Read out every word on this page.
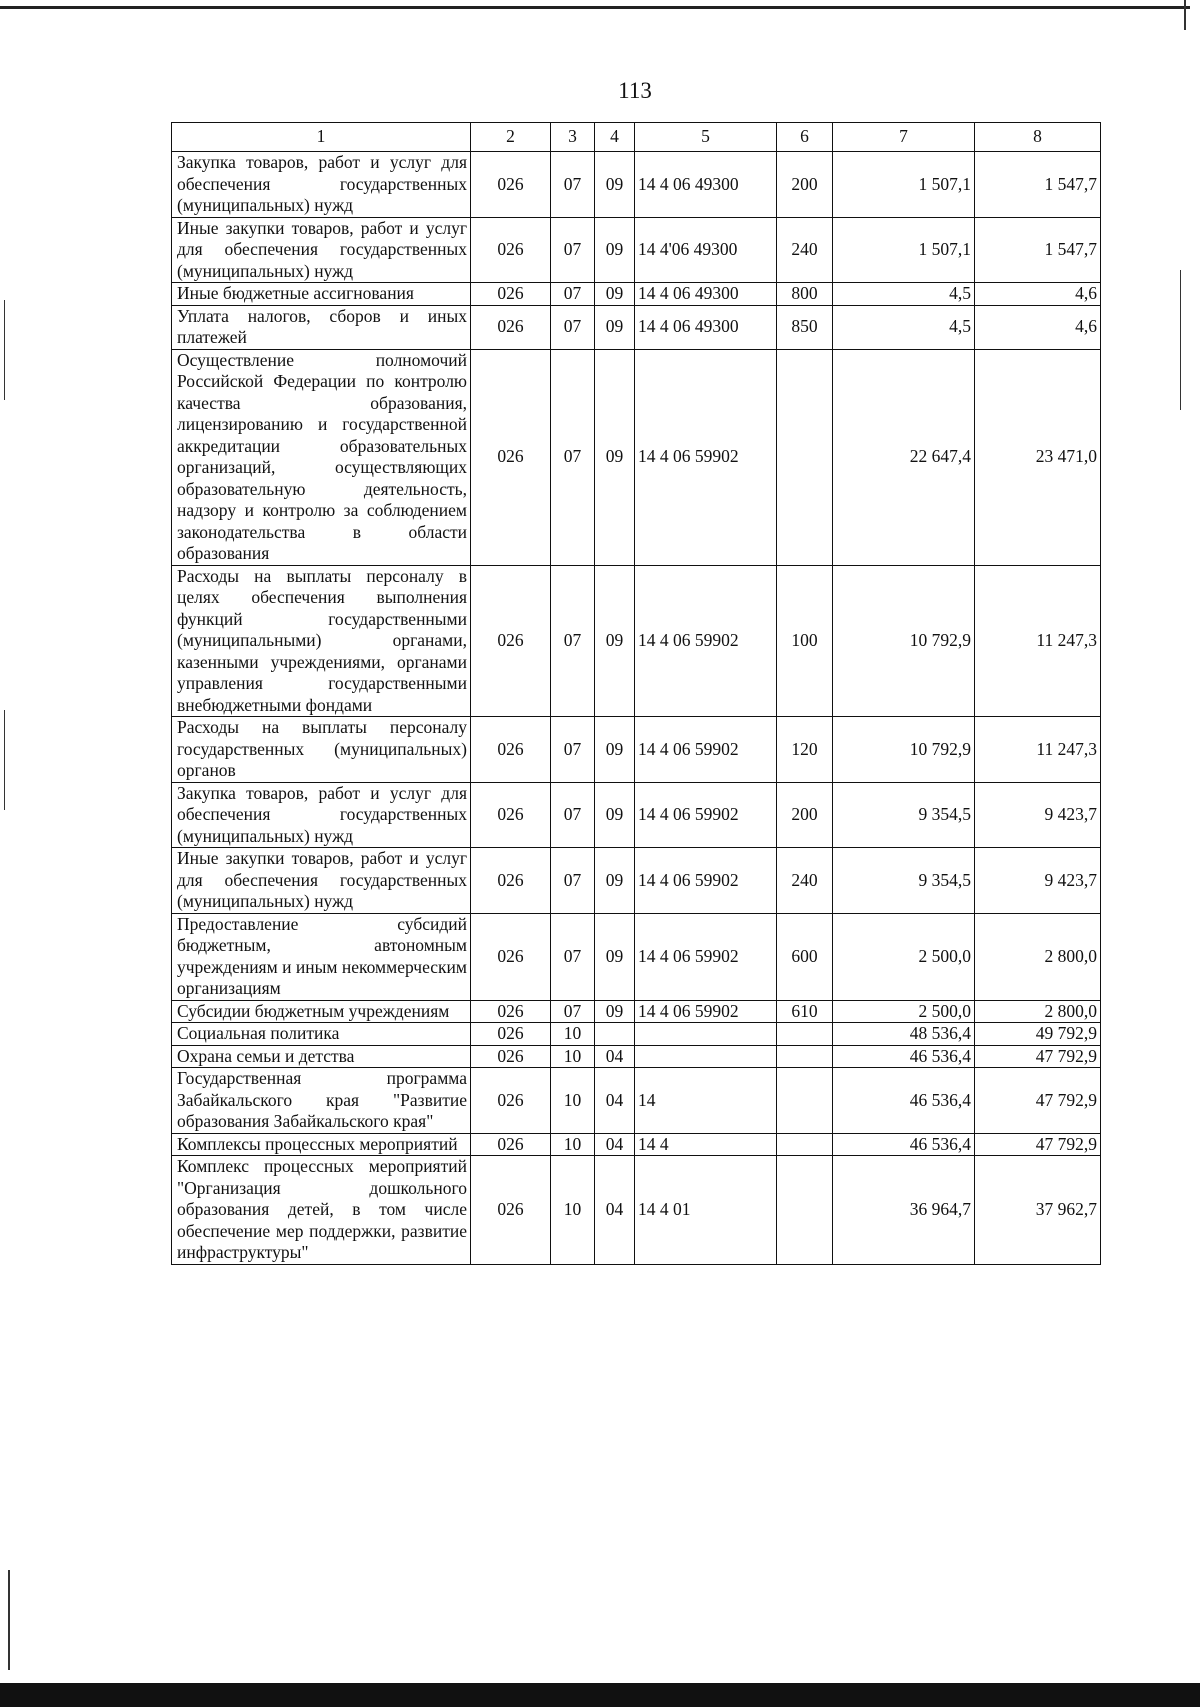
113
1	2	3	4	5	6	7	8
Закупка товаров, работ и услуг для обеспечения государственных (муниципальных) нужд	026	07	09	14 4 06 49300	200	1 507,1	1 547,7
Иные закупки товаров, работ и услуг для обеспечения государственных (муниципальных) нужд	026	07	09	14 4'06 49300	240	1 507,1	1 547,7
Иные бюджетные ассигнования	026	07	09	14 4 06 49300	800	4,5	4,6
Уплата налогов, сборов и иных платежей	026	07	09	14 4 06 49300	850	4,5	4,6
Осуществление полномочий Российской Федерации по контролю качества образования, лицензированию и государственной аккредитации образовательных организаций, осуществляющих образовательную деятельность, надзору и контролю за соблюдением законодательства в области образования	026	07	09	14 4 06 59902		22 647,4	23 471,0
Расходы на выплаты персоналу в целях обеспечения выполнения функций государственными (муниципальными) органами, казенными учреждениями, органами управления государственными внебюджетными фондами	026	07	09	14 4 06 59902	100	10 792,9	11 247,3
Расходы на выплаты персоналу государственных (муниципальных) органов	026	07	09	14 4 06 59902	120	10 792,9	11 247,3
Закупка товаров, работ и услуг для обеспечения государственных (муниципальных) нужд	026	07	09	14 4 06 59902	200	9 354,5	9 423,7
Иные закупки товаров, работ и услуг для обеспечения государственных (муниципальных) нужд	026	07	09	14 4 06 59902	240	9 354,5	9 423,7
Предоставление субсидий бюджетным, автономным учреждениям и иным некоммерческим организациям	026	07	09	14 4 06 59902	600	2 500,0	2 800,0
Субсидии бюджетным учреждениям	026	07	09	14 4 06 59902	610	2 500,0	2 800,0
Социальная политика	026	10				48 536,4	49 792,9
Охрана семьи и детства	026	10	04			46 536,4	47 792,9
Государственная программа Забайкальского края "Развитие образования Забайкальского края"	026	10	04	14		46 536,4	47 792,9
Комплексы процессных мероприятий	026	10	04	14 4		46 536,4	47 792,9
Комплекс процессных мероприятий "Организация дошкольного образования детей, в том числе обеспечение мер поддержки, развитие инфраструктуры"	026	10	04	14 4 01		36 964,7	37 962,7
